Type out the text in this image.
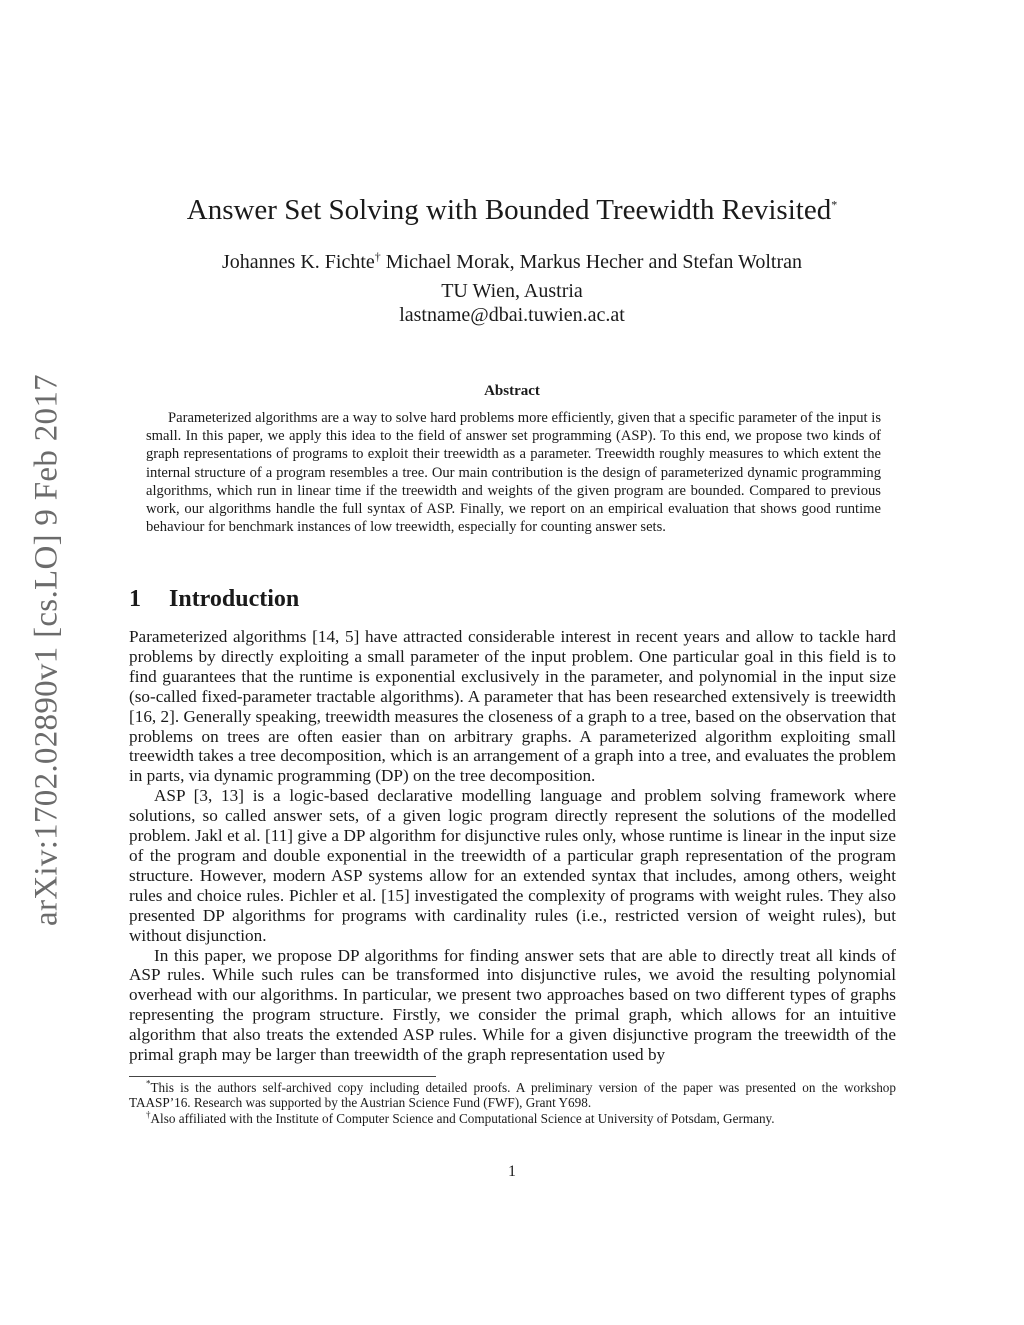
arXiv:1702.02890v1 [cs.LO] 9 Feb 2017
Answer Set Solving with Bounded Treewidth Revisited*
Johannes K. Fichte† Michael Morak, Markus Hecher and Stefan Woltran
TU Wien, Austria
lastname@dbai.tuwien.ac.at
Abstract

Parameterized algorithms are a way to solve hard problems more efficiently, given that a specific parameter of the input is small. In this paper, we apply this idea to the field of answer set programming (ASP). To this end, we propose two kinds of graph representations of programs to exploit their treewidth as a parameter. Treewidth roughly measures to which extent the internal structure of a program resembles a tree. Our main contribution is the design of parameterized dynamic programming algorithms, which run in linear time if the treewidth and weights of the given program are bounded. Compared to previous work, our algorithms handle the full syntax of ASP. Finally, we report on an empirical evaluation that shows good runtime behaviour for benchmark instances of low treewidth, especially for counting answer sets.

1 Introduction

Parameterized algorithms [14, 5] have attracted considerable interest in recent years and allow to tackle hard problems by directly exploiting a small parameter of the input problem. One particular goal in this field is to find guarantees that the runtime is exponential exclusively in the parameter, and polynomial in the input size (so-called fixed-parameter tractable algorithms). A parameter that has been researched extensively is treewidth [16, 2]. Generally speaking, treewidth measures the closeness of a graph to a tree, based on the observation that problems on trees are often easier than on arbitrary graphs. A parameterized algorithm exploiting small treewidth takes a tree decomposition, which is an arrangement of a graph into a tree, and evaluates the problem in parts, via dynamic programming (DP) on the tree decomposition.

ASP [3, 13] is a logic-based declarative modelling language and problem solving framework where solutions, so called answer sets, of a given logic program directly represent the solutions of the modelled problem. Jakl et al. [11] give a DP algorithm for disjunctive rules only, whose runtime is linear in the input size of the program and double exponential in the treewidth of a particular graph representation of the program structure. However, modern ASP systems allow for an extended syntax that includes, among others, weight rules and choice rules. Pichler et al. [15] investigated the complexity of programs with weight rules. They also presented DP algorithms for programs with cardinality rules (i.e., restricted version of weight rules), but without disjunction.

In this paper, we propose DP algorithms for finding answer sets that are able to directly treat all kinds of ASP rules. While such rules can be transformed into disjunctive rules, we avoid the resulting polynomial overhead with our algorithms. In particular, we present two approaches based on two different types of graphs representing the program structure. Firstly, we consider the primal graph, which allows for an intuitive algorithm that also treats the extended ASP rules. While for a given disjunctive program the treewidth of the primal graph may be larger than treewidth of the graph representation used by

*This is the authors self-archived copy including detailed proofs. A preliminary version of the paper was presented on the workshop TAASP’16. Research was supported by the Austrian Science Fund (FWF), Grant Y698.

†Also affiliated with the Institute of Computer Science and Computational Science at University of Potsdam, Germany.

1
